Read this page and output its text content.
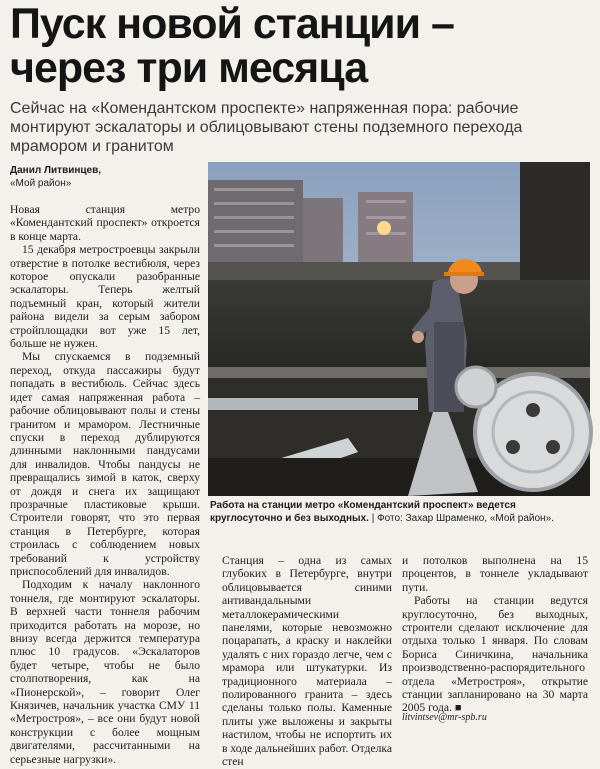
Пуск новой станции –
через три месяца

Сейчас на «Комендантском проспекте» напряженная пора: рабочие монтируют эскалаторы и облицовывают стены подземного перехода мрамором и гранитом

Данил Литвинцев,
«Мой район»

Новая станция метро «Комендантский проспект» откроется в конце марта.

15 декабря метростроевцы закрыли отверстие в потолке вестибюля, через которое опускали разобранные эскалаторы. Теперь желтый подъемный кран, который жители района видели за серым забором стройплощадки вот уже 15 лет, больше не нужен.

Мы спускаемся в подземный переход, откуда пассажиры будут попадать в вестибюль. Сейчас здесь идет самая напряженная работа – рабочие облицовывают полы и стены гранитом и мрамором. Лестничные спуски в переход дублируются длинными наклонными пандусами для инвалидов. Чтобы пандусы не превращались зимой в каток, сверху от дождя и снега их защищают прозрачные пластиковые крыши. Строители говорят, что это первая станция в Петербурге, которая строилась с соблюдением новых требований к устройству приспособлений для инвалидов.

Подходим к началу наклонного тоннеля, где монтируют эскалаторы. В верхней части тоннеля рабочим приходится работать на морозе, но внизу всегда держится температура плюс 10 градусов. «Эскалаторов будет четыре, чтобы не было столпотворения, как на «Пионерской», – говорит Олег Князичев, начальник участка СМУ 11 «Метростроя», – все они будут новой конструкции с более мощным двигателями, рассчитанными на серьезные нагрузки».

Работа на станции метро «Комендантский проспект» ведется круглосуточно и без выходных. | Фото: Захар Шраменко, «Мой район».

Станция – одна из самых глубоких в Петербурге, внутри облицовывается синими антивандальными металлокерамическими панелями, которые невозможно поцарапать, а краску и наклейки удалять с них гораздо легче, чем с мрамора или штукатурки. Из традиционного материала – полированного гранита – здесь сделаны только полы. Каменные плиты уже выложены и закрыты настилом, чтобы не испортить их в ходе дальнейших работ. Отделка стен

и потолков выполнена на 15 процентов, в тоннеле укладывают пути.

Работы на станции ведутся круглосуточно, без выходных, строители сделают исключение для отдыха только 1 января. По словам Бориса Синичкина, начальника производственно-распорядительного отдела «Метростроя», открытие станции запланировано на 30 марта 2005 года. ■

litvintsev@mr-spb.ru
